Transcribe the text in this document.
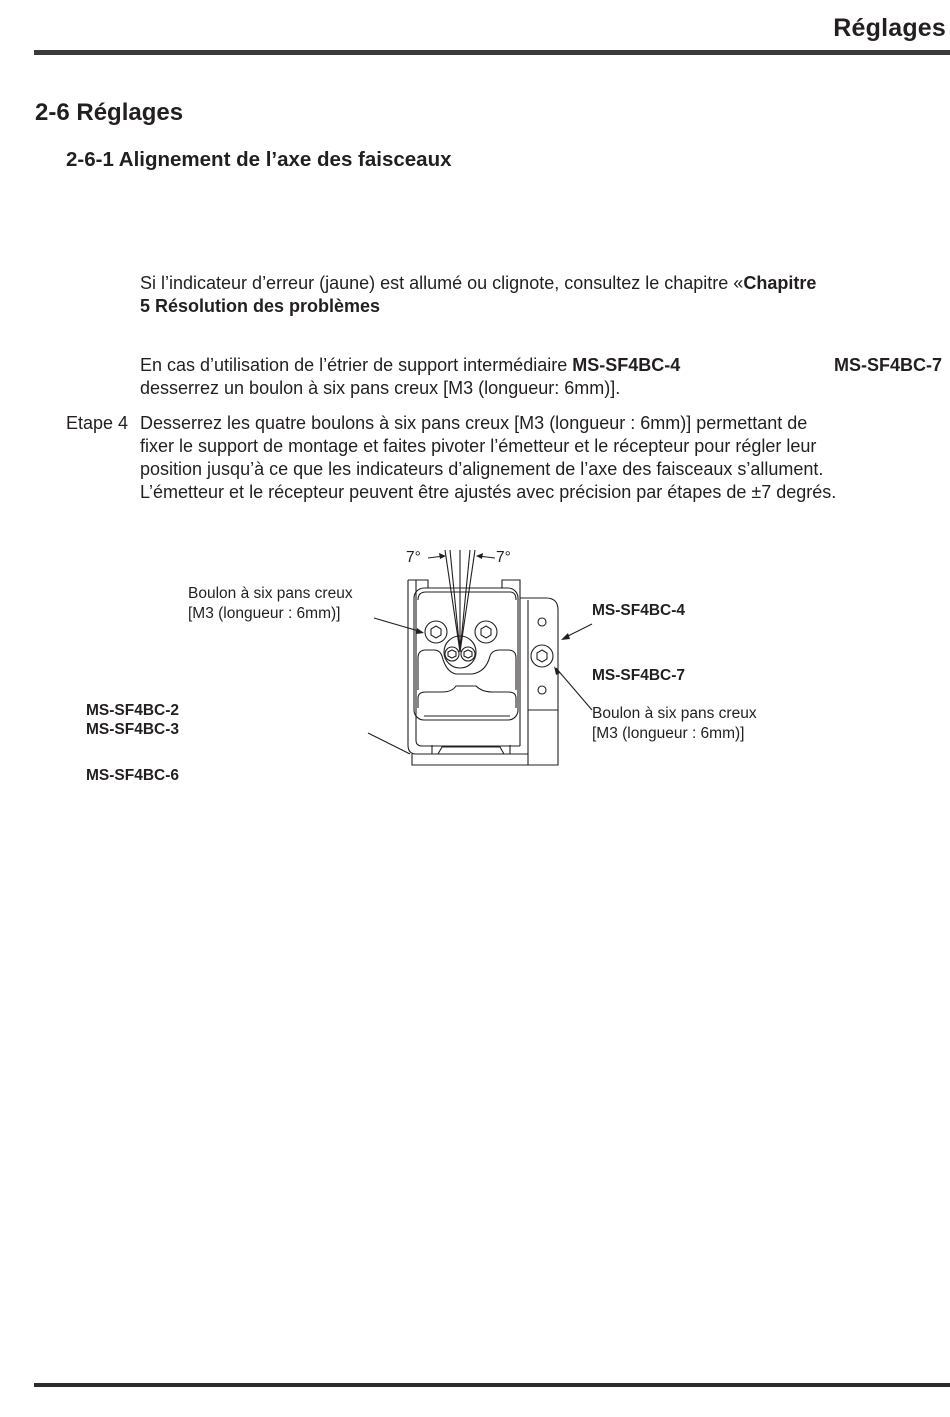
Réglages
2-6 Réglages
2-6-1 Alignement de l’axe des faisceaux
Si l’indicateur d’erreur (jaune) est allumé ou clignote, consultez le chapitre «Chapitre
5 Résolution des problèmes
En cas d’utilisation de l’étrier de support intermédiaire MS-SF4BC-4	MS-SF4BC-7

desserrez un boulon à six pans creux [M3 (longueur: 6mm)].
Etape 4 Desserrez les quatre boulons à six pans creux [M3 (longueur : 6mm)] permettant de
fixer le support de montage et faites pivoter l’émetteur et le récepteur pour régler leur
position jusqu’à ce que les indicateurs d’alignement de l’axe des faisceaux s’allument.
L’émetteur et le récepteur peuvent être ajustés avec précision par étapes de ±7 degrés.
7°	7°
Boulon à six pans creux
[M3 (longueur : 6mm)]	MS-SF4BC-4
MS-SF4BC-7
Boulon à six pans creux
[M3 (longueur : 6mm)]
MS-SF4BC-2
MS-SF4BC-3
MS-SF4BC-6
